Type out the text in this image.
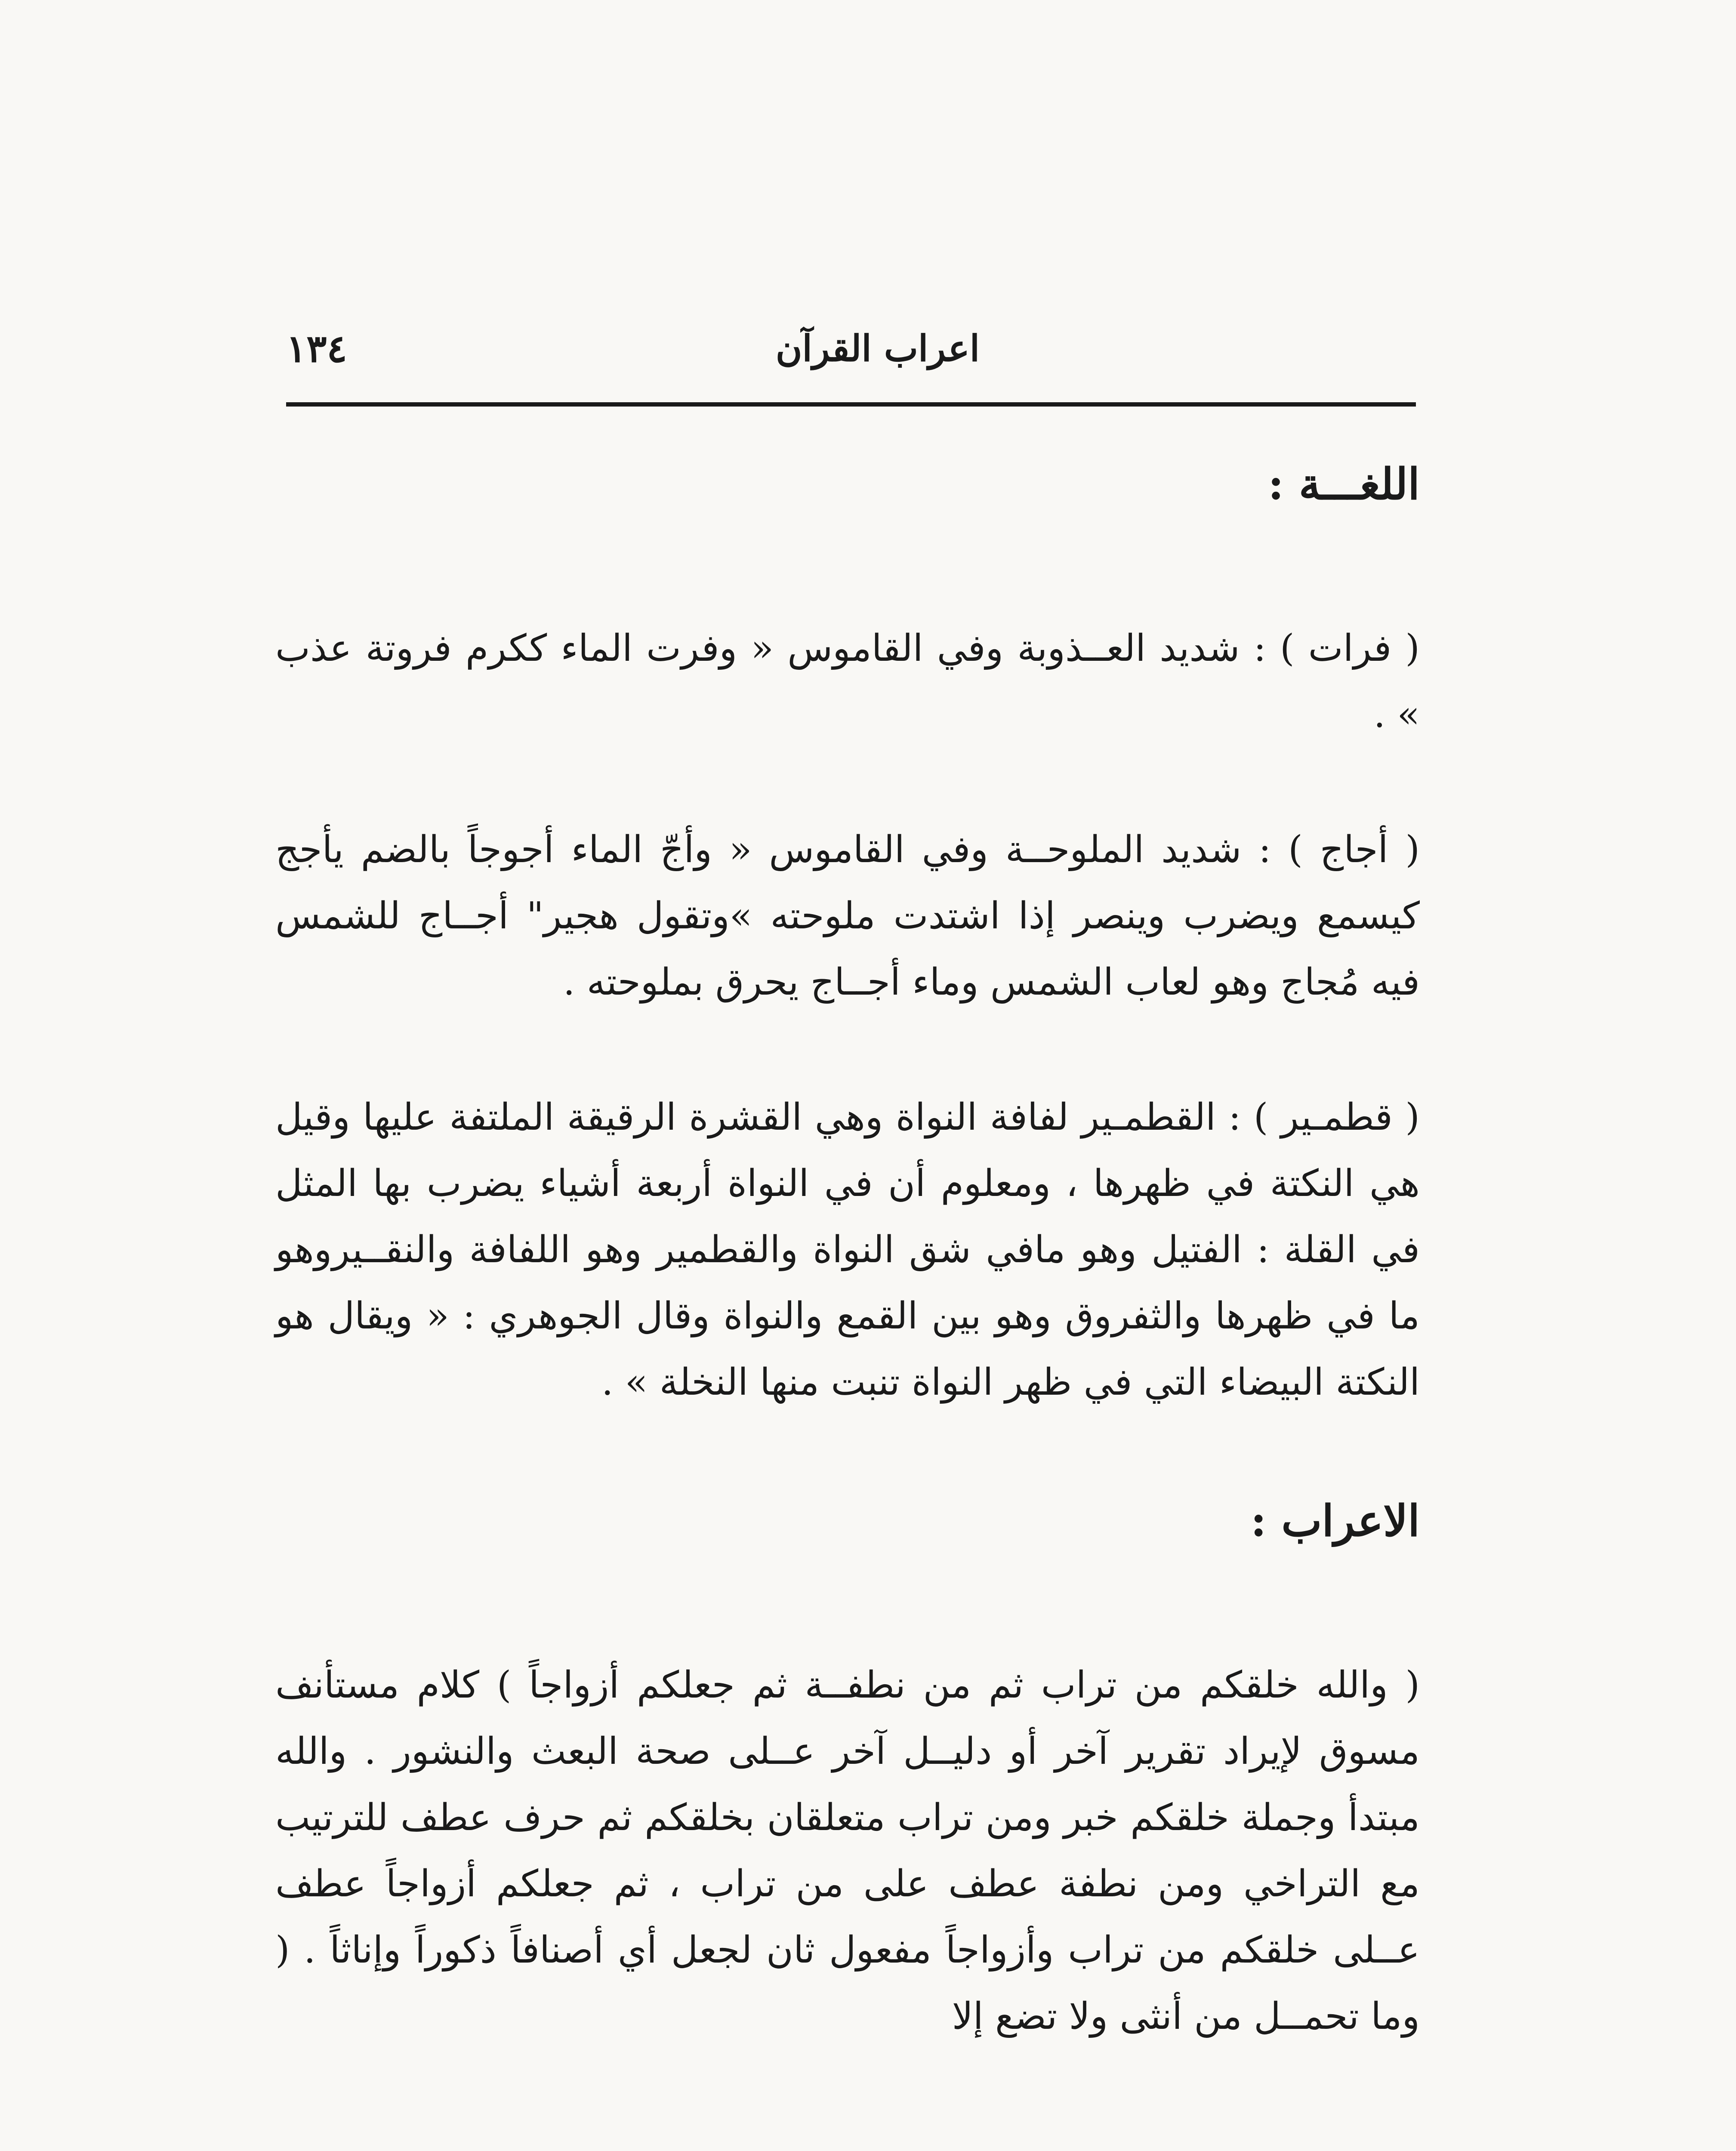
١٣٤	اعراب القرآن
اللغـــة :

( فرات ) : شديد العــذوبة وفي القاموس « وفرت الماء ككرم فروتة عذب » .

( أجاج ) : شديد الملوحــة وفي القاموس « وأجّ الماء أجوجاً بالضم يأجج كيسمع ويضرب وينصر إذا اشتدت ملوحته »وتقول هجير" أجــاج للشمس فيه مُجاج وهو لعاب الشمس وماء أجــاج يحرق بملوحته .

( قطمـير ) : القطمـير لفافة النواة وهي القشرة الرقيقة الملتفة عليها وقيل هي النكتة في ظهرها ، ومعلوم أن في النواة أربعة أشياء يضرب بها المثل في القلة : الفتيل وهو مافي شق النواة والقطمير وهو اللفافة والنقــيروهو ما في ظهرها والثفروق وهو بين القمع والنواة وقال الجوهري : « ويقال هو النكتة البيضاء التي في ظهر النواة تنبت منها النخلة » .

الاعراب :

( والله خلقكم من تراب ثم من نطفــة ثم جعلكم أزواجاً ) كلام مستأنف مسوق لإيراد تقرير آخر أو دليــل آخر عــلى صحة البعث والنشور . والله مبتدأ وجملة خلقكم خبر ومن تراب متعلقان بخلقكم ثم حرف عطف للترتيب مع التراخي ومن نطفة عطف على من تراب ، ثم جعلكم أزواجاً عطف عــلى خلقكم من تراب وأزواجاً مفعول ثان لجعل أي أصنافاً ذكوراً وإناثاً . ( وما تحمــل من أنثى ولا تضع إلا
